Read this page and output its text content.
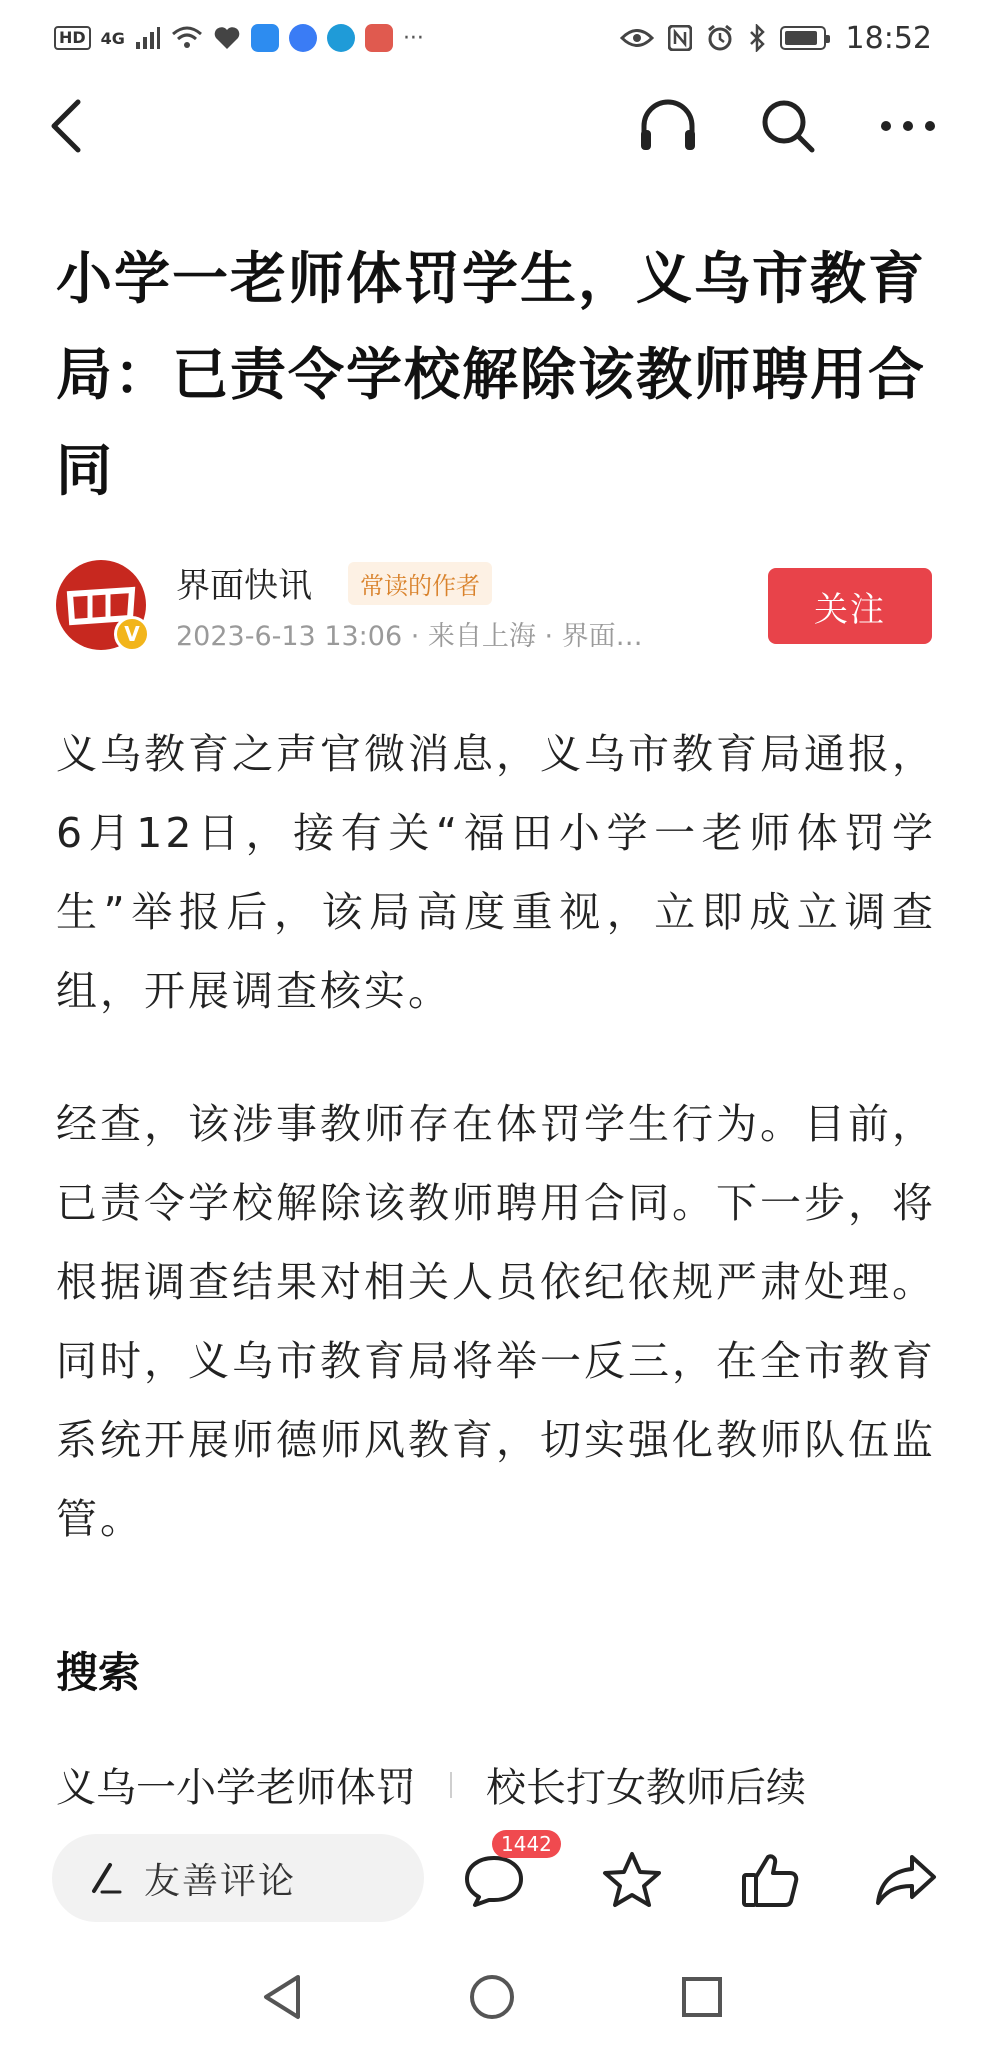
HD 4G	···	18:52
小学一老师体罚学生，义乌市教育局：已责令学校解除该教师聘用合同
V
界面快讯	常读的作者
2023-6-13 13:06 · 来自上海 · 界面…
关注

义乌教育之声官微消息，义乌市教育局通报，6月12日，接有关“福田小学一老师体罚学生”举报后，该局高度重视，立即成立调查组，开展调查核实。

经查，该涉事教师存在体罚学生行为。目前，已责令学校解除该教师聘用合同。下一步，将根据调查结果对相关人员依纪依规严肃处理。同时，义乌市教育局将举一反三，在全市教育系统开展师德师风教育，切实强化教师队伍监管。

搜索
义乌一小学老师体罚 校长打女教师后续
友善评论
1442
